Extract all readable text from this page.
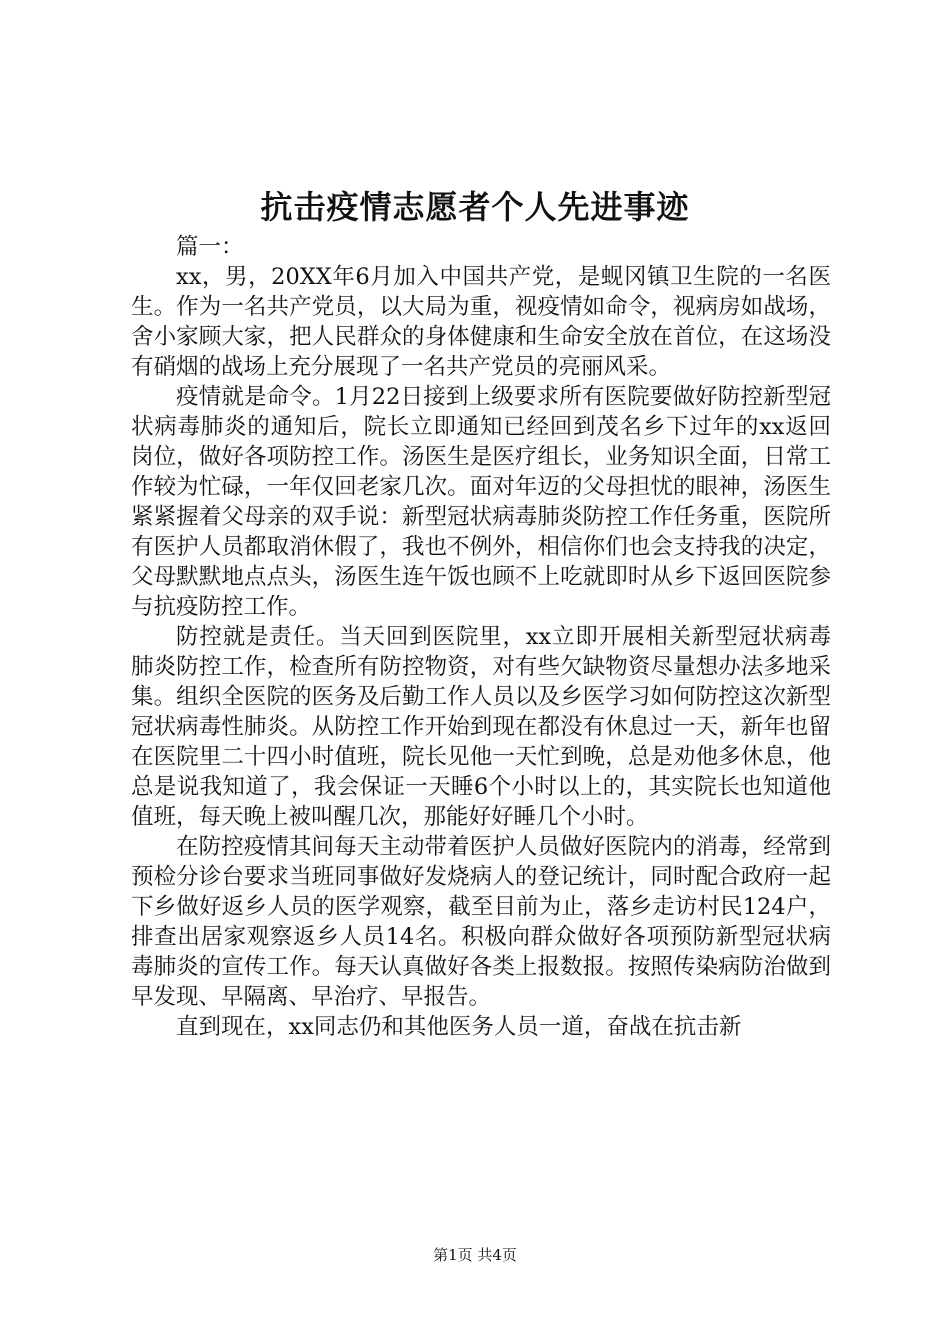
抗击疫情志愿者个人先进事迹

篇一：

xx，男，20XX年6月加入中国共产党，是蚬冈镇卫生院的一名医生。作为一名共产党员，以大局为重，视疫情如命令，视病房如战场，舍小家顾大家，把人民群众的身体健康和生命安全放在首位，在这场没有硝烟的战场上充分展现了一名共产党员的亮丽风采。

疫情就是命令。1月22日接到上级要求所有医院要做好防控新型冠状病毒肺炎的通知后，院长立即通知已经回到茂名乡下过年的xx返回岗位，做好各项防控工作。汤医生是医疗组长，业务知识全面，日常工作较为忙碌，一年仅回老家几次。面对年迈的父母担忧的眼神，汤医生紧紧握着父母亲的双手说：新型冠状病毒肺炎防控工作任务重，医院所有医护人员都取消休假了，我也不例外，相信你们也会支持我的决定，父母默默地点点头，汤医生连午饭也顾不上吃就即时从乡下返回医院参与抗疫防控工作。

防控就是责任。当天回到医院里，xx立即开展相关新型冠状病毒肺炎防控工作，检查所有防控物资，对有些欠缺物资尽量想办法多地采集。组织全医院的医务及后勤工作人员以及乡医学习如何防控这次新型冠状病毒性肺炎。从防控工作开始到现在都没有休息过一天，新年也留在医院里二十四小时值班，院长见他一天忙到晚，总是劝他多休息，他总是说我知道了，我会保证一天睡6个小时以上的，其实院长也知道他值班，每天晚上被叫醒几次，那能好好睡几个小时。

在防控疫情其间每天主动带着医护人员做好医院内的消毒，经常到预检分诊台要求当班同事做好发烧病人的登记统计，同时配合政府一起下乡做好返乡人员的医学观察，截至目前为止，落乡走访村民124户，排查出居家观察返乡人员14名。积极向群众做好各项预防新型冠状病毒肺炎的宣传工作。每天认真做好各类上报数报。按照传染病防治做到早发现、早隔离、早治疗、早报告。

直到现在，xx同志仍和其他医务人员一道，奋战在抗击新

第1页 共4页
